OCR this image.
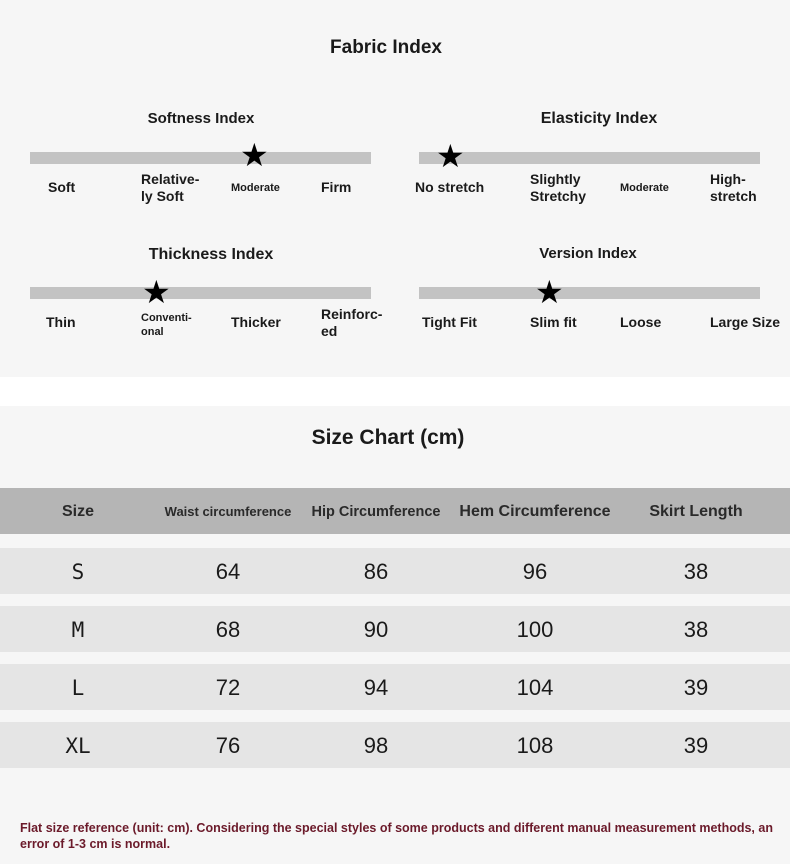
Fabric Index
Softness Index
★
Soft	Relative-
ly Soft	Moderate	Firm
Elasticity Index
★
No stretch	Slightly
Stretchy	Moderate
High-
stretch
Thickness Index
★
Thin	Conventi-
onal
Thicker	Reinforc-
ed
Version Index
★
Tight Fit	Slim fit	Loose	Large Size
Size Chart (cm)
Size	Waist circumference	Hip Circumference	Hem Circumference	Skirt Length
S	64	86	96	38
M	68	90	100	38
L	72	94	104	39
XL	76	98	108	39
Flat size reference (unit: cm). Considering the special styles of some products and different manual measurement methods, an error of 1-3 cm is normal.
